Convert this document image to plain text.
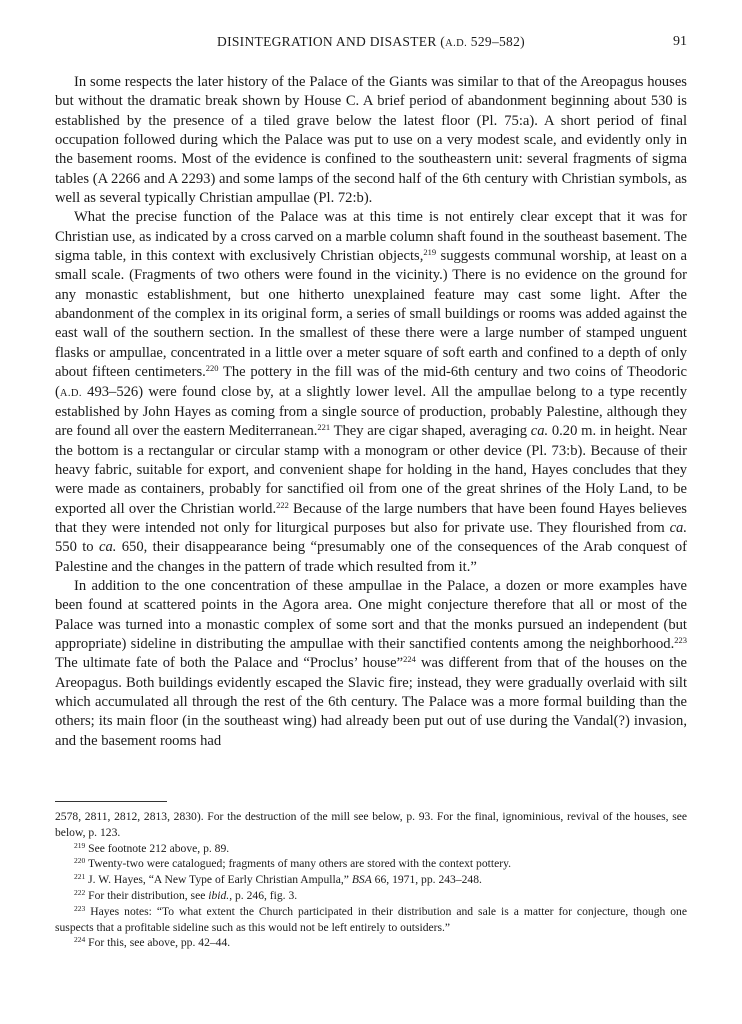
DISINTEGRATION AND DISASTER (A.D. 529–582)	91

In some respects the later history of the Palace of the Giants was similar to that of the Areopagus houses but without the dramatic break shown by House C. A brief period of abandonment beginning about 530 is established by the presence of a tiled grave below the latest floor (Pl. 75:a). A short period of final occupation followed during which the Palace was put to use on a very modest scale, and evidently only in the basement rooms. Most of the evidence is confined to the southeastern unit: several fragments of sigma tables (A 2266 and A 2293) and some lamps of the second half of the 6th century with Christian symbols, as well as several typically Christian ampullae (Pl. 72:b).

What the precise function of the Palace was at this time is not entirely clear except that it was for Christian use, as indicated by a cross carved on a marble column shaft found in the southeast basement. The sigma table, in this context with exclusively Christian objects,$^{219}$ suggests communal worship, at least on a small scale. (Fragments of two others were found in the vicinity.) There is no evidence on the ground for any monastic establishment, but one hitherto unexplained feature may cast some light. After the abandonment of the complex in its original form, a series of small buildings or rooms was added against the east wall of the southern section. In the smallest of these there were a large number of stamped unguent flasks or ampullae, concentrated in a little over a meter square of soft earth and confined to a depth of only about fifteen centimeters.$^{220}$ The pottery in the fill was of the mid-6th century and two coins of Theodoric (A.D. 493–526) were found close by, at a slightly lower level. All the ampullae belong to a type recently established by John Hayes as coming from a single source of production, probably Palestine, although they are found all over the eastern Mediterranean.$^{221}$ They are cigar shaped, averaging ca. 0.20 m. in height. Near the bottom is a rectangular or circular stamp with a monogram or other device (Pl. 73:b). Because of their heavy fabric, suitable for export, and convenient shape for holding in the hand, Hayes concludes that they were made as containers, probably for sanctified oil from one of the great shrines of the Holy Land, to be exported all over the Christian world.$^{222}$ Because of the large numbers that have been found Hayes believes that they were intended not only for liturgical purposes but also for private use. They flourished from ca. 550 to ca. 650, their disappearance being “presumably one of the consequences of the Arab conquest of Palestine and the changes in the pattern of trade which resulted from it.”

In addition to the one concentration of these ampullae in the Palace, a dozen or more examples have been found at scattered points in the Agora area. One might conjecture therefore that all or most of the Palace was turned into a monastic complex of some sort and that the monks pursued an independent (but appropriate) sideline in distributing the ampullae with their sanctified contents among the neighborhood.$^{223}$ The ultimate fate of both the Palace and “Proclus’ house”$^{224}$ was different from that of the houses on the Areopagus. Both buildings evidently escaped the Slavic fire; instead, they were gradually overlaid with silt which accumulated all through the rest of the 6th century. The Palace was a more formal building than the others; its main floor (in the southeast wing) had already been put out of use during the Vandal(?) invasion, and the basement rooms had

2578, 2811, 2812, 2813, 2830). For the destruction of the mill see below, p. 93. For the final, ignominious, revival of the houses, see below, p. 123.

$^{219}$ See footnote 212 above, p. 89.

$^{220}$ Twenty-two were catalogued; fragments of many others are stored with the context pottery.

$^{221}$ J. W. Hayes, “A New Type of Early Christian Ampulla,” BSA 66, 1971, pp. 243–248.

$^{222}$ For their distribution, see ibid., p. 246, fig. 3.

$^{223}$ Hayes notes: “To what extent the Church participated in their distribution and sale is a matter for conjecture, though one suspects that a profitable sideline such as this would not be left entirely to outsiders.”

$^{224}$ For this, see above, pp. 42–44.
